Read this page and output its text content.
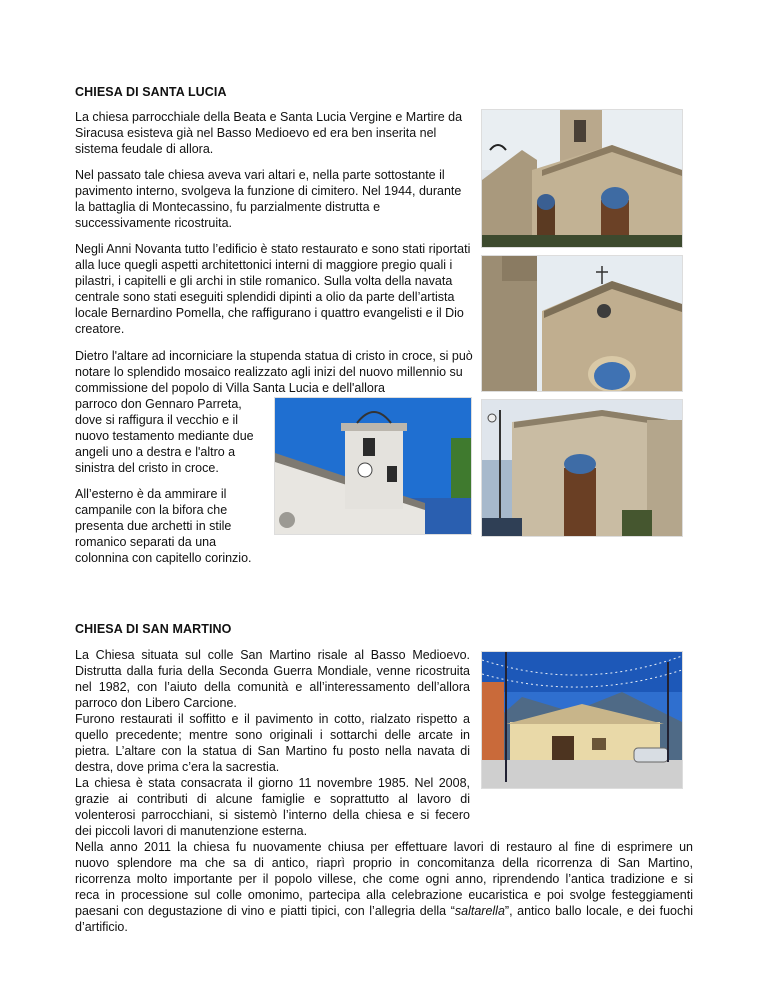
CHIESA DI SANTA LUCIA
La chiesa parrocchiale della Beata e Santa Lucia Vergine e Martire da Siracusa esisteva già nel Basso Medioevo ed era ben inserita nel sistema feudale di allora.
Nel passato tale chiesa aveva vari altari e, nella parte sottostante il pavimento interno, svolgeva la funzione di cimitero. Nel 1944, durante la battaglia di Montecassino, fu parzialmente distrutta e successivamente ricostruita.
Negli Anni Novanta tutto l’edificio è stato restaurato e sono stati riportati alla luce quegli aspetti architettonici interni di maggiore pregio quali i pilastri, i capitelli e gli archi in stile romanico. Sulla volta della navata centrale sono stati eseguiti splendidi dipinti a olio da parte dell’artista locale Bernardino Pomella, che raffigurano i quattro evangelisti e il Dio creatore.
Dietro l'altare ad incorniciare la stupenda statua di cristo in croce, si può notare lo splendido mosaico realizzato agli inizi del nuovo millennio su commissione del popolo di Villa Santa Lucia e dell'allora
parroco don Gennaro Parreta,
dove si raffigura il vecchio e il
nuovo testamento mediante due
angeli uno a destra e l'altro a
sinistra del cristo in croce.
All’esterno è da ammirare il
campanile con la bifora che
presenta due archetti in stile
romanico separati da una
colonnina con capitello corinzio.
CHIESA DI SAN MARTINO
La Chiesa situata sul colle San Martino risale al Basso Medioevo.
Distrutta dalla furia della Seconda Guerra Mondiale, venne ricostruita
nel 1982, con l’aiuto della comunità e all’interessamento dell’allora
parroco don Libero Carcione.
Furono restaurati il soffitto e il pavimento in cotto, rialzato rispetto a
quello precedente; mentre sono originali i sottarchi delle arcate in
pietra. L’altare con la statua di San Martino fu posto nella navata di
destra, dove prima c’era la sacrestia.
La chiesa è stata consacrata il giorno 11 novembre 1985. Nel 2008,
grazie ai contributi di alcune famiglie e soprattutto al lavoro di
volenterosi parrocchiani, si sistemò l’interno della chiesa e si fecero
dei piccoli lavori di manutenzione esterna.
Nella anno 2011 la chiesa fu nuovamente chiusa per effettuare lavori di restauro al fine di esprimere un
nuovo splendore ma che sa di antico, riaprì proprio in concomitanza della ricorrenza di San Martino,
ricorrenza molto importante per il popolo villese, che come ogni anno, riprendendo l’antica tradizione e si
reca in processione sul colle omonimo, partecipa alla celebrazione eucaristica e poi svolge festeggiamenti
paesani con degustazione di vino e piatti tipici, con l’allegria della “saltarella”, antico ballo locale, e dei fuochi
d’artificio.
